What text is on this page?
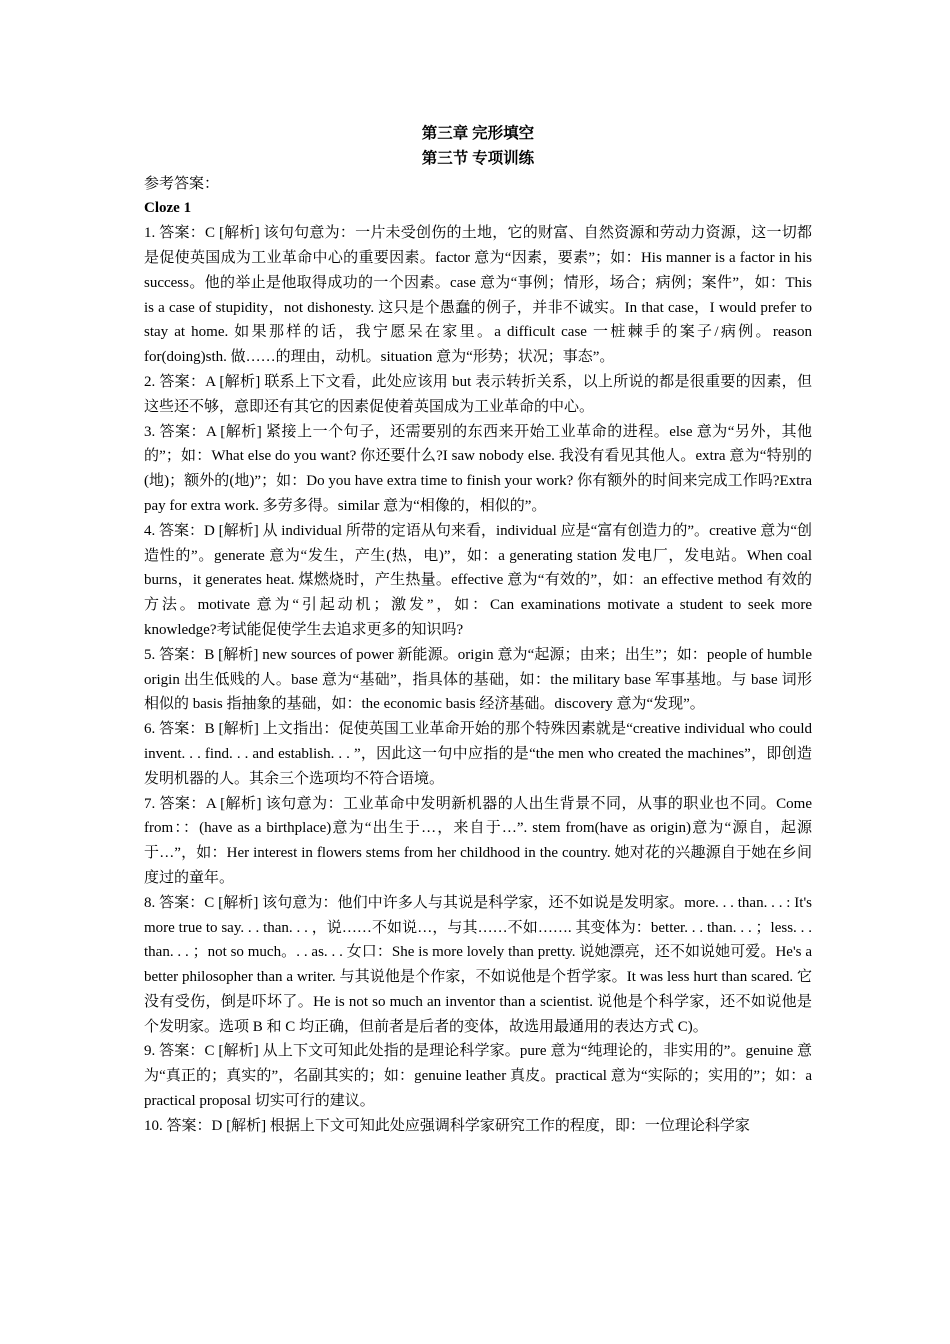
第三章 完形填空
第三节 专项训练
参考答案：
Cloze 1

1. 答案：C [解析] 该句句意为：一片未受创伤的土地，它的财富、自然资源和劳动力资源，这一切都是促使英国成为工业革命中心的重要因素。factor 意为“因素，要素”；如：His manner is a factor in his success。他的举止是他取得成功的一个因素。case 意为“事例；情形，场合；病例；案件”，如：This is a case of stupidity，not dishonesty. 这只是个愚蠢的例子，并非不诚实。In that case，I would prefer to stay at home. 如果那样的话，我宁愿呆在家里。a difficult case 一桩棘手的案子/病例。reason for(doing)sth. 做……的理由，动机。situation 意为“形势；状况；事态”。

2. 答案：A [解析] 联系上下文看，此处应该用 but 表示转折关系，以上所说的都是很重要的因素，但这些还不够，意即还有其它的因素促使着英国成为工业革命的中心。

3. 答案：A [解析] 紧接上一个句子，还需要别的东西来开始工业革命的进程。else 意为“另外，其他的”；如：What else do you want? 你还要什么?I saw nobody else. 我没有看见其他人。extra 意为“特别的(地)；额外的(地)”；如：Do you have extra time to finish your work? 你有额外的时间来完成工作吗?Extra pay for extra work. 多劳多得。similar 意为“相像的，相似的”。

4. 答案：D [解析] 从 individual 所带的定语从句来看，individual 应是“富有创造力的”。creative 意为“创造性的”。generate 意为“发生，产生(热，电)”，如：a generating station 发电厂，发电站。When coal burns，it generates heat. 煤燃烧时，产生热量。effective 意为“有效的”，如：an effective method 有效的方法。motivate 意为“引起动机；激发”，如：Can examinations motivate a student to seek more knowledge?考试能促使学生去追求更多的知识吗?

5. 答案：B [解析] new sources of power 新能源。origin 意为“起源；由来；出生”；如：people of humble origin 出生低贱的人。base 意为“基础”，指具体的基础，如：the military base 军事基地。与 base 词形相似的 basis 指抽象的基础，如：the economic basis 经济基础。discovery 意为“发现”。

6. 答案：B [解析] 上文指出：促使英国工业革命开始的那个特殊因素就是“creative individual who could invent. . . find. . . and establish. . . ”，因此这一句中应指的是“the men who created the machines”，即创造发明机器的人。其余三个选项均不符合语境。

7. 答案：A [解析] 该句意为：工业革命中发明新机器的人出生背景不同，从事的职业也不同。Come from：：(have as a birthplace)意为“出生于…，来自于…”. stem from(have as origin)意为“源自，起源于…”，如：Her interest in flowers stems from her childhood in the country. 她对花的兴趣源自于她在乡间度过的童年。

8. 答案：C [解析] 该句意为：他们中许多人与其说是科学家，还不如说是发明家。more. . . than. . . : It's more true to say. . . than. . . ，说……不如说…，与其……不如……. 其变体为：better. . . than. . . ；less. . . than. . . ；not so much。. . as. . . 女口：She is more lovely than pretty. 说她漂亮，还不如说她可爱。He's a better philosopher than a writer. 与其说他是个作家，不如说他是个哲学家。It was less hurt than scared. 它没有受伤，倒是吓坏了。He is not so much an inventor than a scientist. 说他是个科学家，还不如说他是个发明家。选项 B 和 C 均正确，但前者是后者的变体，故选用最通用的表达方式 C)。

9. 答案：C [解析] 从上下文可知此处指的是理论科学家。pure 意为“纯理论的，非实用的”。genuine 意为“真正的；真实的”，名副其实的；如：genuine leather 真皮。practical 意为“实际的；实用的”；如：a practical proposal 切实可行的建议。

10. 答案：D [解析] 根据上下文可知此处应强调科学家研究工作的程度，即：一位理论科学家
